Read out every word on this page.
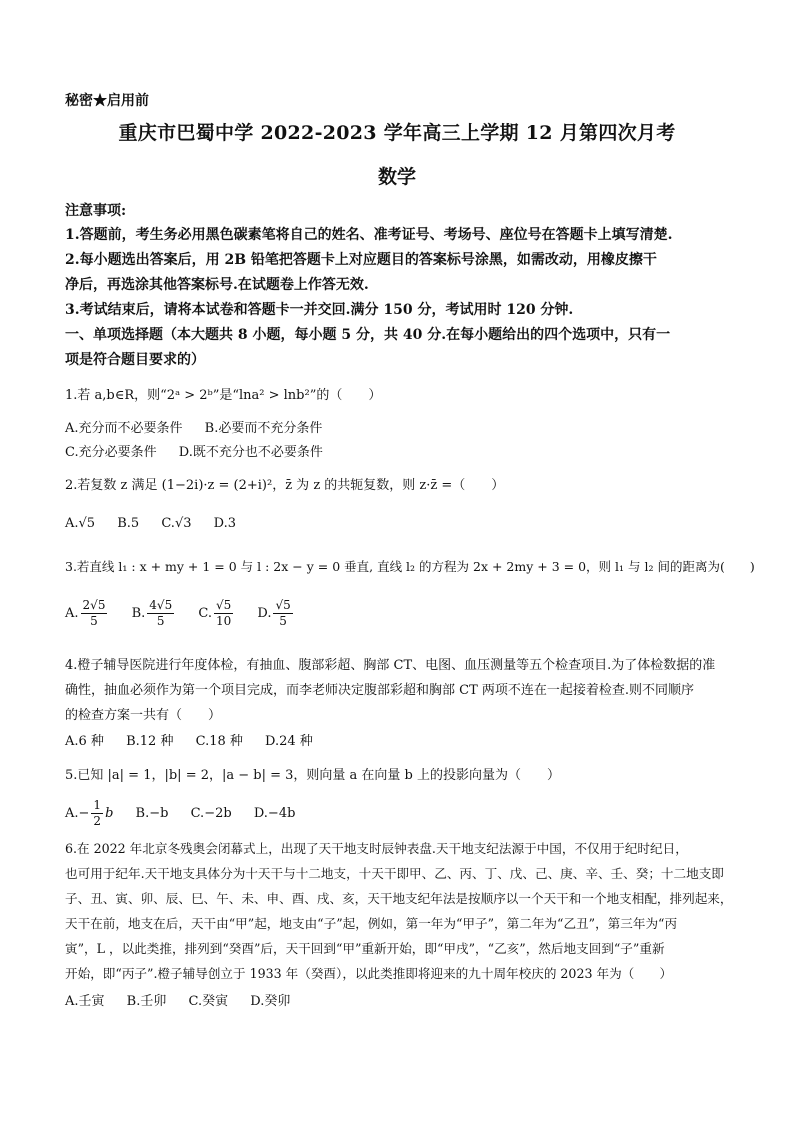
秘密★启用前
重庆市巴蜀中学 2022-2023 学年高三上学期 12 月第四次月考
数学
注意事项:
1.答题前，考生务必用黑色碳素笔将自己的姓名、准考证号、考场号、座位号在答题卡上填写清楚.
2.每小题选出答案后，用 2B 铅笔把答题卡上对应题目的答案标号涂黑，如需改动，用橡皮擦干
净后，再选涂其他答案标号.在试题卷上作答无效.
3.考试结束后，请将本试卷和答题卡一并交回.满分 150 分，考试用时 120 分钟.
一、单项选择题（本大题共 8 小题，每小题 5 分，共 40 分.在每小题给出的四个选项中，只有一
项是符合题目要求的）
1.若 a,b∈R，则“2ᵃ > 2ᵇ”是“lna² > lnb²”的（　　）
A.充分而不必要条件 B.必要而不充分条件
C.充分必要条件 D.既不充分也不必要条件
2.若复数 z 满足 (1−2i)·z = (2+i)²，z̄ 为 z 的共轭复数，则 z·z̄ =（　　）
A.√5 B.5 C.√3 D.3
3.若直线 l₁ : x + my + 1 = 0 与 l : 2x − y = 0 垂直, 直线 l₂ 的方程为 2x + 2my + 3 = 0，则 l₁ 与 l₂ 间的距离为(　　)
A. $\frac{2√5}{5} B$. $\frac{4√5}{5} C$. $\frac{√5}{10} D$. $\frac{√5}{5}$
4.橙子辅导医院进行年度体检，有抽血、腹部彩超、胸部 CT、电图、血压测量等五个检查项目.为了体检数据的准
确性，抽血必须作为第一个项目完成，而李老师决定腹部彩超和胸部 CT 两项不连在一起接着检查.则不同顺序
的检查方案一共有（　　）
A.6 种 B.12 种 C.18 种 D.24 种
5.已知 |a| = 1，|b| = 2，|a − b| = 3，则向量 a 在向量 b 上的投影向量为（　　）
$A.- \frac{1}{2}$ b B.−b C.−2b D.−4b
6.在 2022 年北京冬残奥会闭幕式上，出现了天干地支时辰钟表盘.天干地支纪法源于中国，不仅用于纪时纪日，
也可用于纪年.天干地支具体分为十天干与十二地支，十天干即甲、乙、丙、丁、戊、己、庚、辛、壬、癸；十二地支即
子、丑、寅、卯、辰、巳、午、未、申、酉、戌、亥，天干地支纪年法是按顺序以一个天干和一个地支相配，排列起来，
天干在前，地支在后，天干由“甲”起，地支由“子”起，例如，第一年为“甲子”，第二年为“乙丑”，第三年为“丙
寅”，L ，以此类推，排列到“癸酉”后，天干回到“甲”重新开始，即“甲戌”，“乙亥”，然后地支回到“子”重新
开始，即“丙子”.橙子辅导创立于 1933 年（癸酉），以此类推即将迎来的九十周年校庆的 2023 年为（　　）
A.壬寅 B.壬卯 C.癸寅 D.癸卯
